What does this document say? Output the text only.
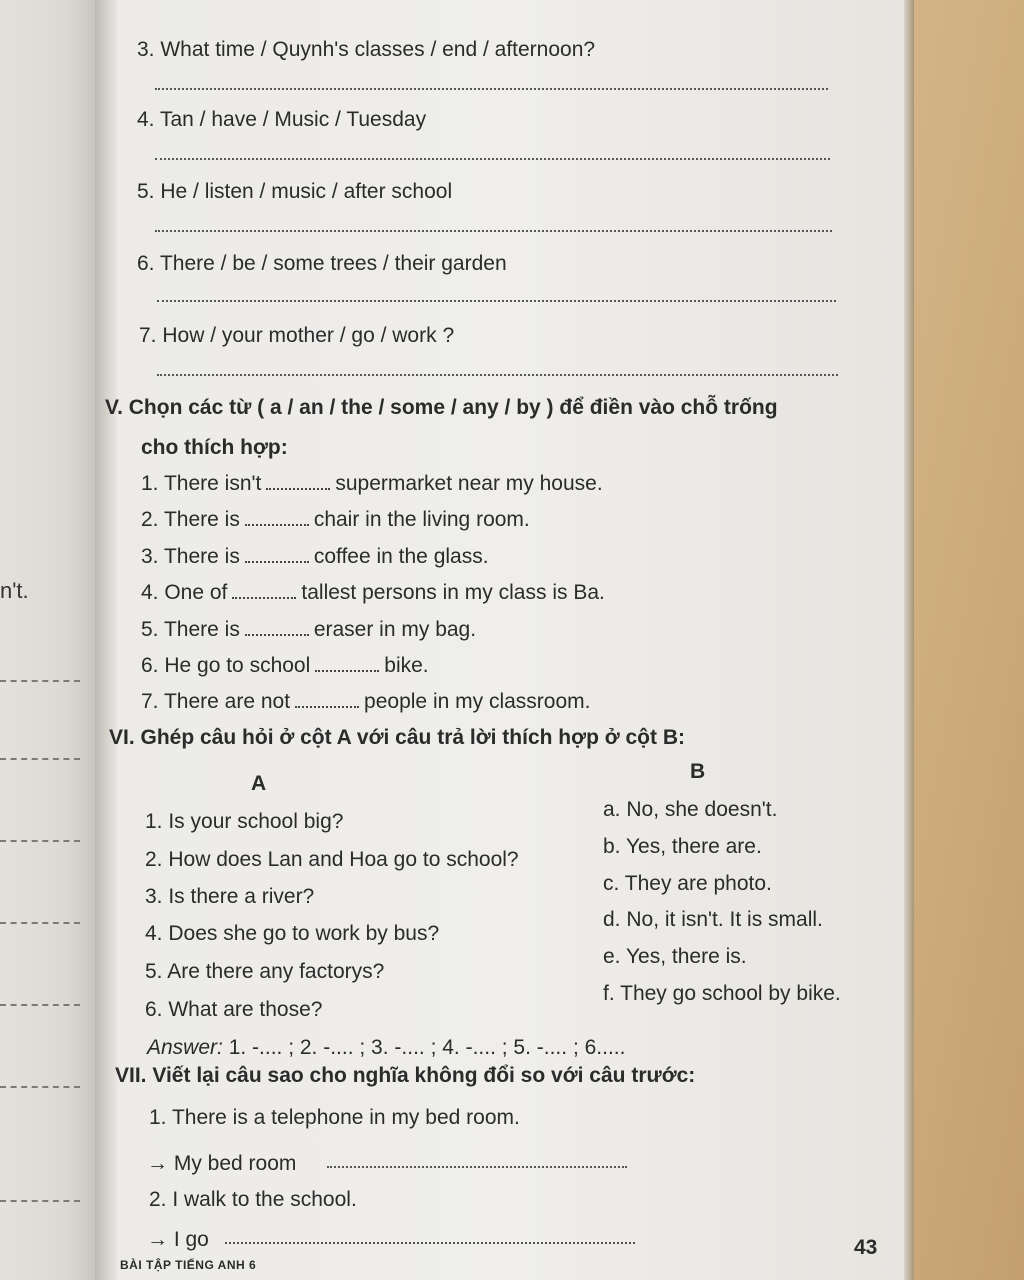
n't.
3. What time / Quynh's classes / end / afternoon?
4. Tan / have / Music / Tuesday
5. He / listen / music / after school
6. There / be / some trees / their garden
7. How / your mother / go / work ?
V. Chọn các từ ( a / an / the / some / any / by ) để điền vào chỗ trống
cho thích hợp:
1. There isn't	supermarket near my house.
2. There is	chair in the living room.
3. There is	coffee in the glass.
4. One of	tallest persons in my class is Ba.
5. There is	eraser in my bag.
6. He go to school	bike.
7. There are not	people in my classroom.
VI. Ghép câu hỏi ở cột A với câu trả lời thích hợp ở cột B:
A
B
1. Is your school big?
2. How does Lan and Hoa go to school?
3. Is there a river?
4. Does she go to work by bus?
5. Are there any factorys?
6. What are those?
a. No, she doesn't.
b. Yes, there are.
c. They are photo.
d. No, it isn't. It is small.
e. Yes, there is.
f. They go school by bike.
Answer: 1. -.... ; 2. -.... ; 3. -.... ; 4. -.... ; 5. -.... ; 6.....
VII. Viết lại câu sao cho nghĩa không đổi so với câu trước:
1. There is a telephone in my bed room.
→ My bed room
2. I walk to the school.
→ I go
BÀI TẬP TIẾNG ANH 6
43
